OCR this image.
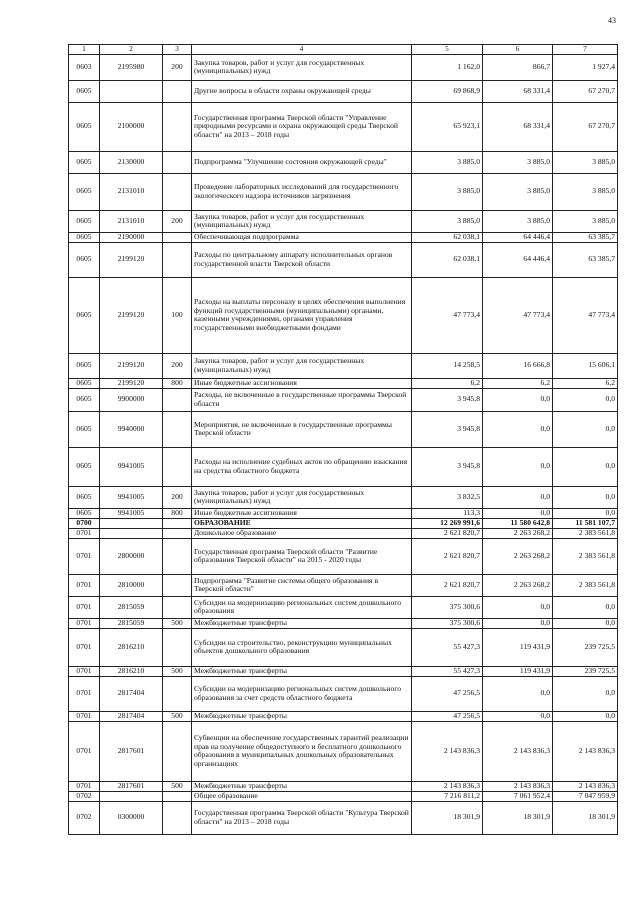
43
1	2	3	4	5	6	7
0603	2195980	200	Закупка товаров, работ и услуг для государственных (муниципальных) нужд	1 162,0	866,7	1 927,4
0605			Другие вопросы в области охраны окружающей среды	69 868,9	68 331,4	67 270,7
0605	2100000		Государственная программа Тверской области "Управление природными ресурсами и охрана окружающей среды Тверской области" на 2013 – 2018 годы	65 923,1	68 331,4	67 270,7
0605	2130000		Подпрограмма "Улучшение состояния окружающей среды"	3 885,0	3 885,0	3 885,0
0605	2131010		Проведение лабораторных исследований для государственного экологического надзора источников загрязнения	3 885,0	3 885,0	3 885,0
0605	2131010	200	Закупка товаров, работ и услуг для государственных (муниципальных) нужд	3 885,0	3 885,0	3 885,0
0605	2190000		Обеспечивающая подпрограмма	62 038,1	64 446,4	63 385,7
0605	2199120		Расходы по центральному аппарату исполнительных органов государственной власти Тверской области	62 038,1	64 446,4	63 385,7
0605	2199120	100	Расходы на выплаты персоналу в целях обеспечения выполнения функций государственными (муниципальными) органами, казенными учреждениями, органами управления государственными внебюджетными фондами	47 773,4	47 773,4	47 773,4
0605	2199120	200	Закупка товаров, работ и услуг для государственных (муниципальных) нужд	14 258,5	16 666,8	15 606,1
0605	2199120	800	Иные бюджетные ассигнования	6,2	6,2	6,2
0605	9900000		Расходы, не включенные в государственные программы Тверской области	3 945,8	0,0	0,0
0605	9940000		Мероприятия, не включенные в государственные программы Тверской области	3 945,8	0,0	0,0
0605	9941005		Расходы на исполнение судебных актов по обращению взыскания на средства областного бюджета	3 945,8	0,0	0,0
0605	9941005	200	Закупка товаров, работ и услуг для государственных (муниципальных) нужд	3 832,5	0,0	0,0
0605	9941005	800	Иные бюджетные ассигнования	113,3	0,0	0,0
0700			ОБРАЗОВАНИЕ	12 269 991,6	11 580 642,8	11 581 107,7
0701			Дошкольное образование	2 621 820,7	2 263 268,2	2 383 561,8
0701	2800000		Государственная программа Тверской области "Развитие образования Тверской области" на 2015 - 2020 годы	2 621 820,7	2 263 268,2	2 383 561,8
0701	2810000		Подпрограмма "Развитие системы общего образования в Тверской области"	2 621 820,7	2 263 268,2	2 383 561,8
0701	2815059		Субсидии на модернизацию региональных систем дошкольного образования	375 300,6	0,0	0,0
0701	2815059	500	Межбюджетные трансферты	375 300,6	0,0	0,0
0701	2816210		Субсидии на строительство, реконструкцию муниципальных объектов дошкольного образования	55 427,3	119 431,9	239 725,5
0701	2816210	500	Межбюджетные трансферты	55 427,3	119 431,9	239 725,5
0701	2817404		Субсидии на модернизацию региональных систем дошкольного образования за счет средств областного бюджета	47 256,5	0,0	0,0
0701	2817404	500	Межбюджетные трансферты	47 256,5	0,0	0,0
0701	2817601		Субвенции на обеспечение государственных гарантий реализации прав на получение общедоступного и бесплатного дошкольного образования в муниципальных дошкольных образовательных организациях	2 143 836,3	2 143 836,3	2 143 836,3
0701	2817601	500	Межбюджетные трансферты	2 143 836,3	2 143 836,3	2 143 836,3
0702			Общее образование	7 216 811,2	7 061 952,4	7 047 959,9
0702	0300000		Государственная программа Тверской области "Культура Тверской области" на 2013 – 2018 годы	18 301,9	18 301,9	18 301,9
